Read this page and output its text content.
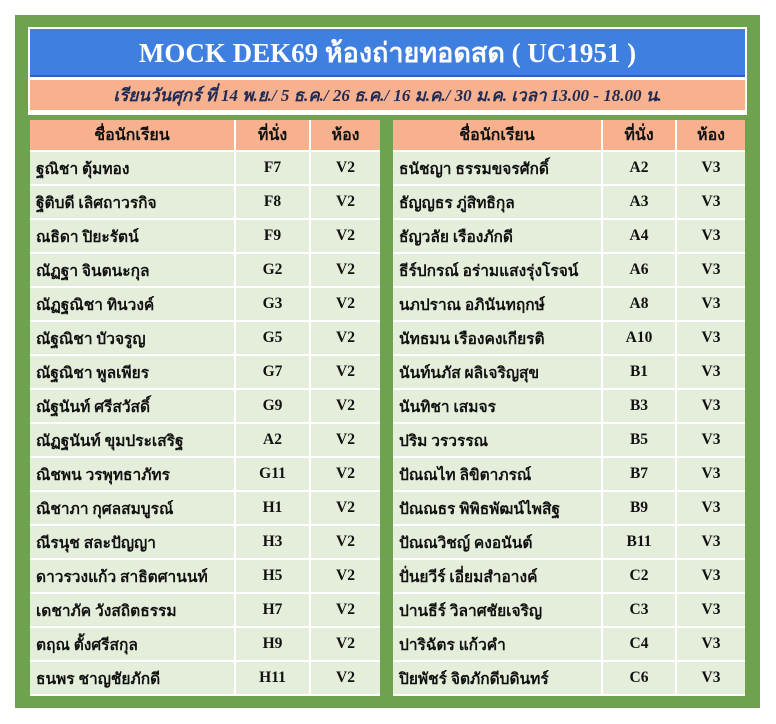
MOCK DEK69 ห้องถ่ายทอดสด ( UC1951 )
เรียนวันศุกร์ ที่ 14 พ.ย./ 5 ธ.ค./ 26 ธ.ค./ 16 ม.ค./ 30 ม.ค. เวลา 13.00 - 18.00 น.
ชื่อนักเรียน	ที่นั่ง	ห้อง
ฐณิชา ตุ้มทอง	F7	V2
ฐิติบดี เลิศถาวรกิจ	F8	V2
ณธิดา ปิยะรัตน์	F9	V2
ณัฏฐา จินตนะกุล	G2	V2
ณัฏฐณิชา ทินวงค์	G3	V2
ณัฐณิชา บัวจรูญ	G5	V2
ณัฐณิชา พูลเพียร	G7	V2
ณัฐนันท์ ศรีสวัสดิ์	G9	V2
ณัฏฐนันท์ ขุมประเสริฐ	A2	V2
ณิชพน วรพุทธาภัทร	G11	V2
ณิชาภา กุศลสมบูรณ์	H1	V2
ณีรนุช สละปัญญา	H3	V2
ดาวรวงแก้ว สาธิตศานนท์	H5	V2
เดชาภัค วังสถิตธรรม	H7	V2
ตฤณ ตั้งศรีสกุล	H9	V2
ธนพร ชาญชัยภักดี	H11	V2
ชื่อนักเรียน	ที่นั่ง	ห้อง
ธนัชญา ธรรมขจรศักดิ์	A2	V3
ธัญญธร ภู่สิทธิกุล	A3	V3
ธัญวลัย เรืองภักดี	A4	V3
ธีร์ปกรณ์ อร่ามแสงรุ่งโรจน์	A6	V3
นภปราณ อภินันทฤกษ์	A8	V3
นัทธมน เรืองคงเกียรติ	A10	V3
นันท์นภัส ผลิเจริญสุข	B1	V3
นันทิชา เสมจร	B3	V3
ปริม วรวรรณ	B5	V3
ปัณณไท ลิขิตาภรณ์	B7	V3
ปัณณธร พิพิธพัฒน์ไพสิฐ	B9	V3
ปัณณวิชญ์ คงอนันต์	B11	V3
ปั่นยวีร์ เอี่ยมสำอางค์	C2	V3
ปานธีร์ วิลาศชัยเจริญ	C3	V3
ปาริฉัตร แก้วคำ	C4	V3
ปิยพัชร์ จิตภักดีบดินทร์	C6	V3
